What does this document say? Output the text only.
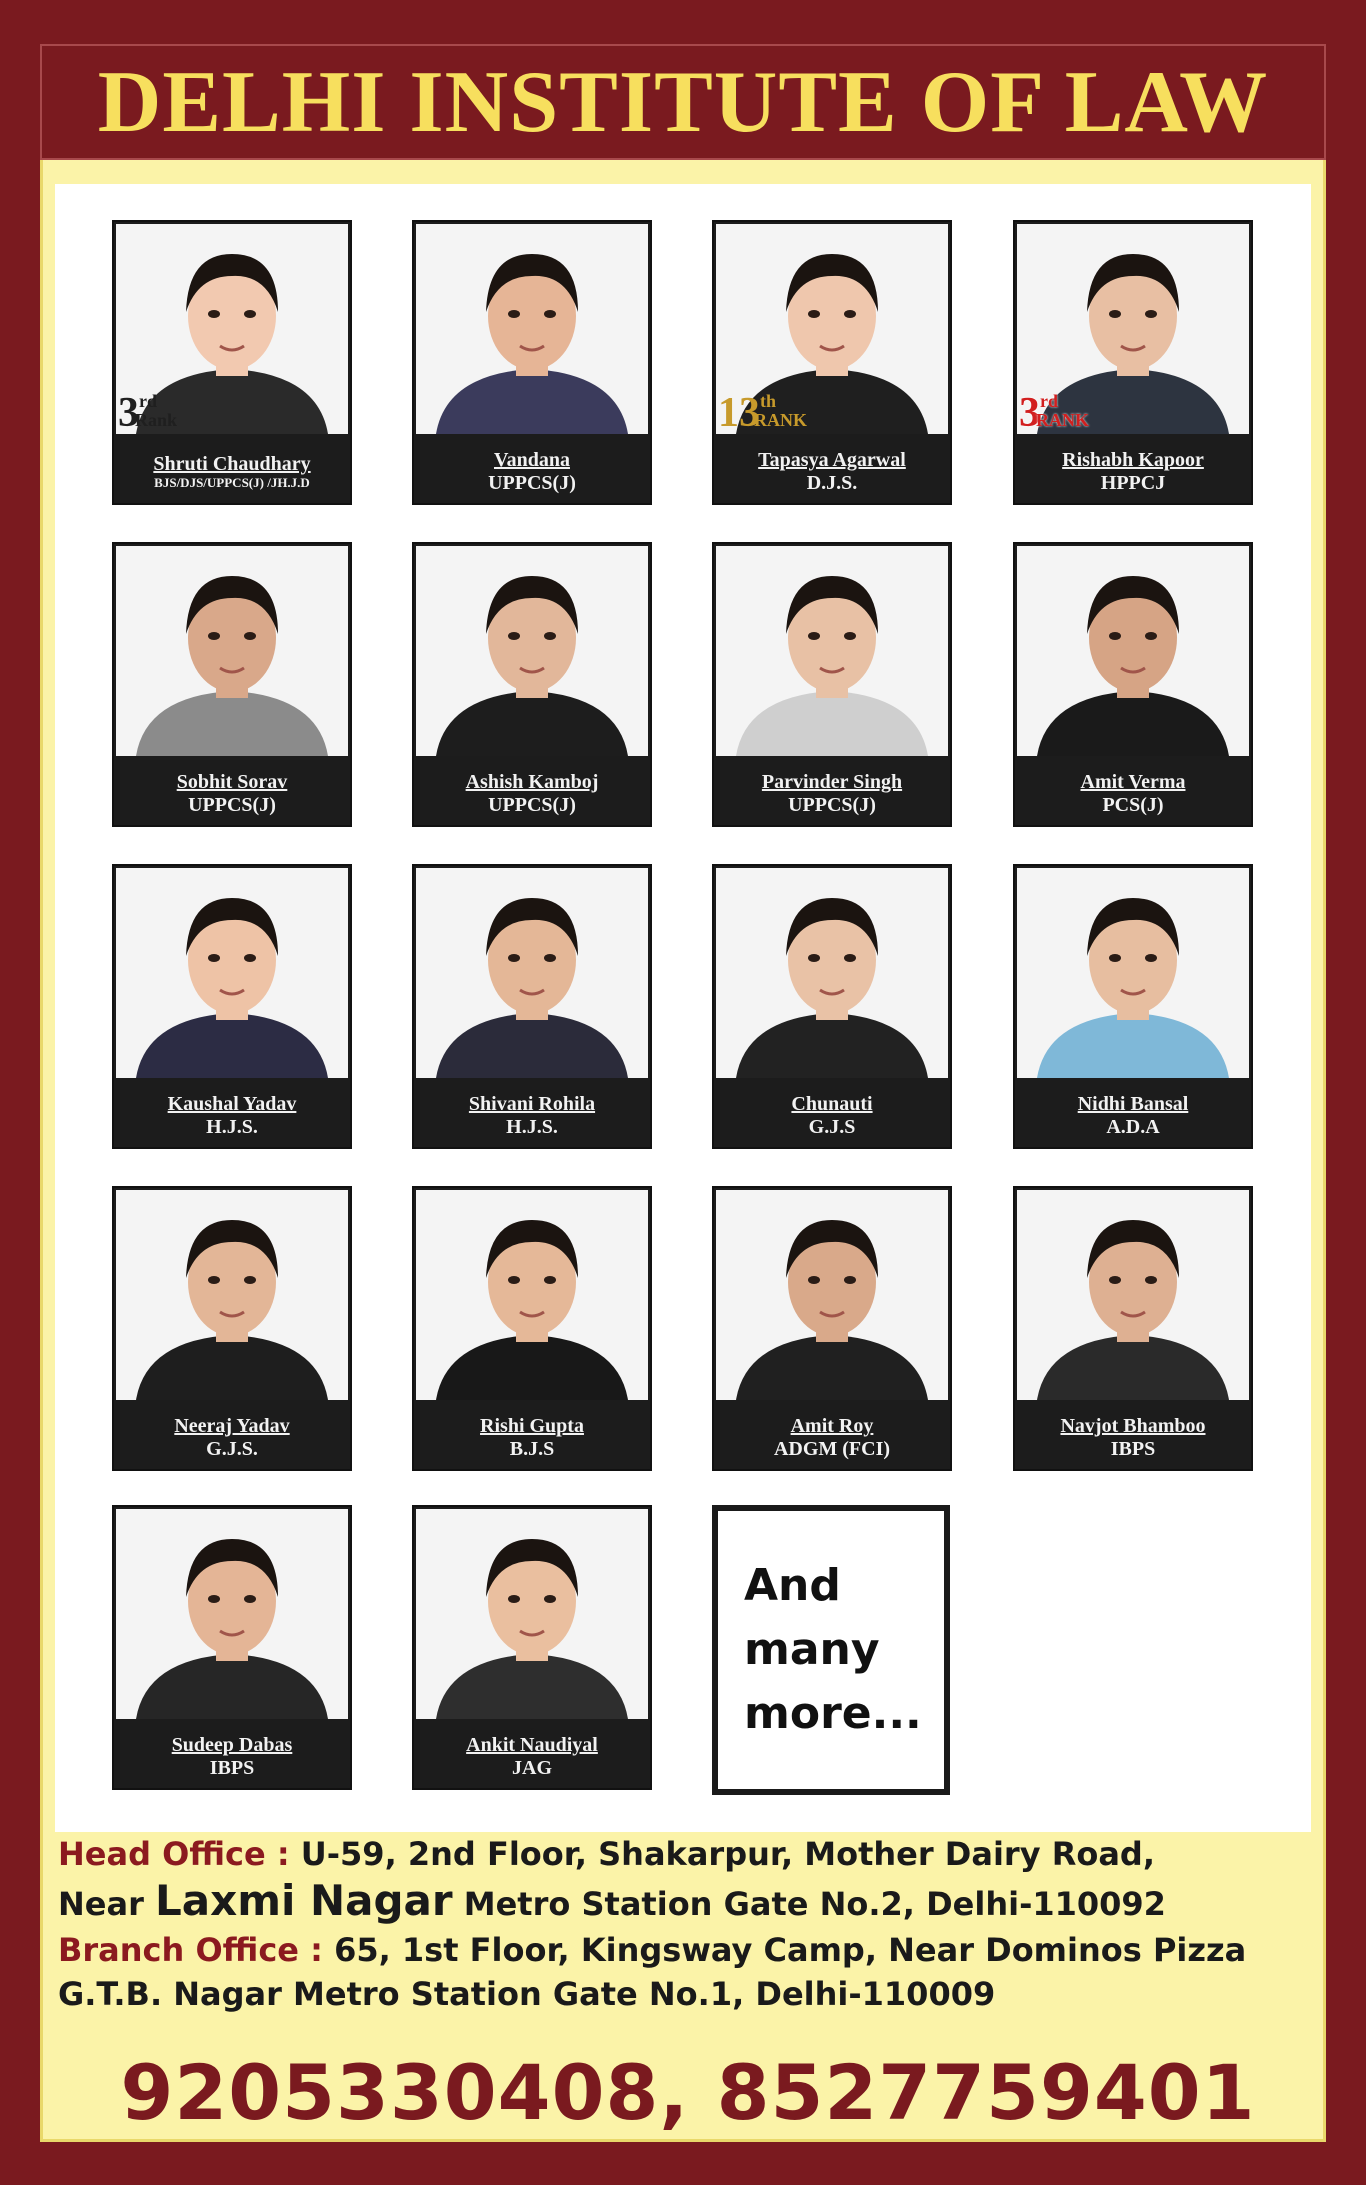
DELHI INSTITUTE OF LAW
3rdRank
Shruti Chaudhary
BJS/DJS/UPPCS(J) /JH.J.D
Vandana
UPPCS(J)
13thRANK
Tapasya Agarwal
D.J.S.
3rdRANK
Rishabh Kapoor
HPPCJ
Sobhit Sorav
UPPCS(J)
Ashish Kamboj
UPPCS(J)
Parvinder Singh
UPPCS(J)
Amit Verma
PCS(J)
Kaushal Yadav
H.J.S.
Shivani Rohila
H.J.S.
Chunauti
G.J.S
Nidhi Bansal
A.D.A
Neeraj Yadav
G.J.S.
Rishi Gupta
B.J.S
Amit Roy
ADGM (FCI)
Navjot Bhamboo
IBPS
Sudeep Dabas
IBPS
Ankit Naudiyal
JAG
And
many
more...
Head Office : U-59, 2nd Floor, Shakarpur, Mother Dairy Road,
Near Laxmi Nagar Metro Station Gate No.2, Delhi-110092
Branch Office : 65, 1st Floor, Kingsway Camp, Near Dominos Pizza
G.T.B. Nagar Metro Station Gate No.1, Delhi-110009
9205330408, 8527759401
